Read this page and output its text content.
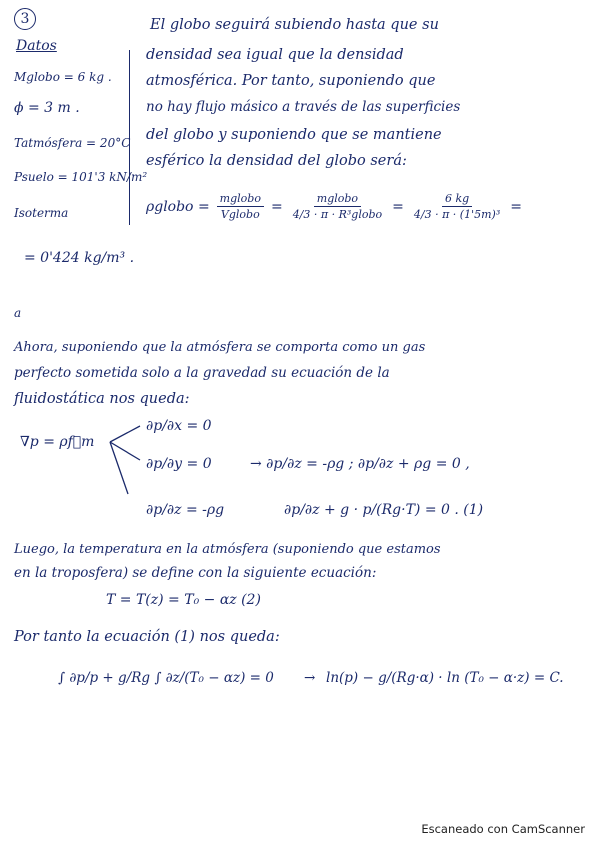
3
Datos
Mglobo = 6 kg .
ϕ = 3 m .
Tatmósfera = 20°C
Psuelo = 101'3 kN/m²
Isoterma
El globo seguirá subiendo hasta que su
densidad sea igual que la densidad
atmosférica. Por tanto, suponiendo que
no hay flujo másico a través de las superficies
del globo y suponiendo que se mantiene
esférico la densidad del globo será:
ρglobo = $\frac{\text{mglobo}}{\text{Vglobo}} = \frac{\text{mglobo}}{\text{4/3 · π · R³globo}} = \frac{6 kg}{\text{4/3 · π · (1'5m)³}}$ =
= 0'424 kg/m³ .
a
Ahora, suponiendo que la atmósfera se comporta como un gas
perfecto sometida solo a la gravedad su ecuación de la
fluidostática nos queda:
∇p = ρf⃗m
∂p/∂x = 0
∂p/∂y = 0
∂p/∂z = -ρg
→ ∂p/∂z = -ρg ; ∂p/∂z + ρg = 0 ,
∂p/∂z + g · p/(Rg·T) = 0 . (1)
Luego, la temperatura en la atmósfera (suponiendo que estamos
en la troposfera) se define con la siguiente ecuación:
T = T(z) = T₀ − αz (2)
Por tanto la ecuación (1) nos queda:
∫ ∂p/p + g/Rg ∫ ∂z/(T₀ − αz) = 0 → ln(p) − g/(Rg·α) · ln (T₀ − α·z) = C.
Escaneado con CamScanner
